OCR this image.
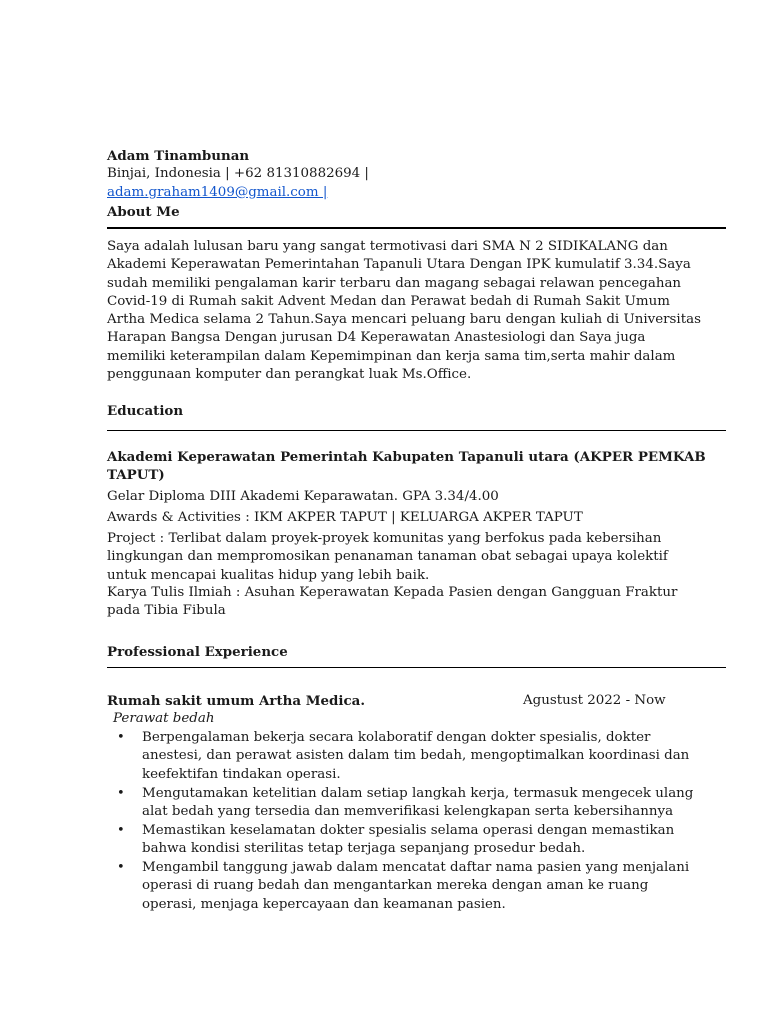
Adam Tinambunan
Binjai, Indonesia | +62 81310882694 |
adam.graham1409@gmail.com |
About Me
Saya adalah lulusan baru yang sangat termotivasi dari SMA N 2 SIDIKALANG dan
Akademi Keperawatan Pemerintahan Tapanuli Utara Dengan IPK kumulatif 3.34.Saya
sudah memiliki pengalaman karir terbaru dan magang sebagai relawan pencegahan
Covid-19 di Rumah sakit Advent Medan dan Perawat bedah di Rumah Sakit Umum
Artha Medica selama 2 Tahun.Saya mencari peluang baru dengan kuliah di Universitas
Harapan Bangsa Dengan jurusan D4 Keperawatan Anastesiologi dan Saya juga
memiliki keterampilan dalam Kepemimpinan dan kerja sama tim,serta mahir dalam
penggunaan komputer dan perangkat luak Ms.Office.
Education
Akademi Keperawatan Pemerintah Kabupaten Tapanuli utara (AKPER PEMKAB
TAPUT)
Gelar Diploma DIII Akademi Keparawatan. GPA 3.34/4.00
Awards & Activities : IKM AKPER TAPUT | KELUARGA AKPER TAPUT
Project : Terlibat dalam proyek-proyek komunitas yang berfokus pada kebersihan
lingkungan dan mempromosikan penanaman tanaman obat sebagai upaya kolektif
untuk mencapai kualitas hidup yang lebih baik.
Karya Tulis Ilmiah : Asuhan Keperawatan Kepada Pasien dengan Gangguan Fraktur
pada Tibia Fibula
Professional Experience
Rumah sakit umum Artha Medica.	Agustust 2022 - Now
Perawat bedah
• Berpengalaman bekerja secara kolaboratif dengan dokter spesialis, dokter
anestesi, dan perawat asisten dalam tim bedah, mengoptimalkan koordinasi dan
keefektifan tindakan operasi.
• Mengutamakan ketelitian dalam setiap langkah kerja, termasuk mengecek ulang
alat bedah yang tersedia dan memverifikasi kelengkapan serta kebersihannya
• Memastikan keselamatan dokter spesialis selama operasi dengan memastikan
bahwa kondisi sterilitas tetap terjaga sepanjang prosedur bedah.
• Mengambil tanggung jawab dalam mencatat daftar nama pasien yang menjalani
operasi di ruang bedah dan mengantarkan mereka dengan aman ke ruang
operasi, menjaga kepercayaan dan keamanan pasien.
